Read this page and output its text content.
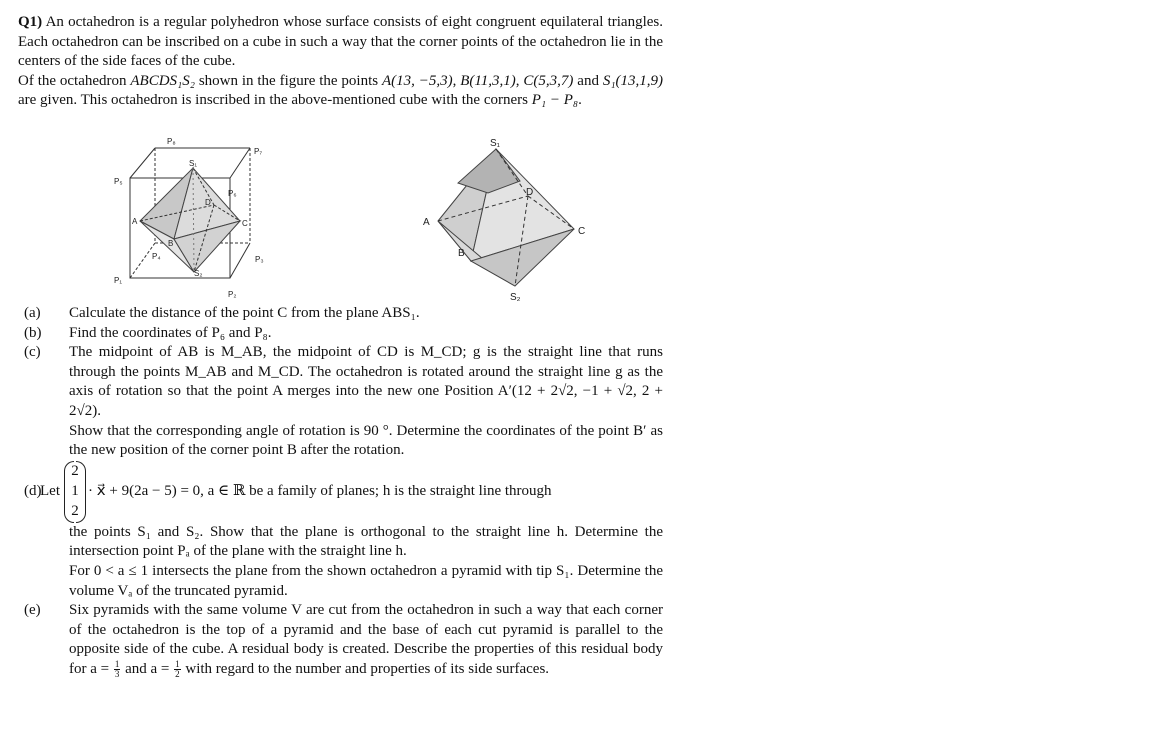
Q1) An octahedron is a regular polyhedron whose surface consists of eight congruent equilateral triangles. Each octahedron can be inscribed on a cube in such a way that the corner points of the octahedron lie in the centers of the side faces of the cube.

Of the octahedron ABCDS₁S₂ shown in the figure the points A(13, −5,3), B(11,3,1), C(5,3,7) and S₁(13,1,9) are given. This octahedron is inscribed in the above-mentioned cube with the corners P₁ − P₈.

P₈
P₇
P₅
P₆
S₁
A
D
C
B
P₄
S₂
P₃
P₁
P₂
S₁
D
A
C
B
S₂
(a) Calculate the distance of the point C from the plane ABS₁.

(b) Find the coordinates of P₆ and P₈.

(c) The midpoint of AB is M_AB, the midpoint of CD is M_CD; g is the straight line that runs through the points M_AB and M_CD. The octahedron is rotated around the straight line g as the axis of rotation so that the point A merges into the new one Position A′(12 + 2√2, −1 + √2, 2 + 2√2).

Show that the corresponding angle of rotation is 90 °. Determine the coordinates of the point B′ as the new position of the corner point B after the rotation.

(d)
Let
2
1
2
· x⃗ + 9(2a − 5) = 0, a ∈ ℝ be a family of planes; h is the straight line through

the points S₁ and S₂. Show that the plane is orthogonal to the straight line h. Determine the intersection point Pₐ of the plane with the straight line h.

For 0 < a ≤ 1 intersects the plane from the shown octahedron a pyramid with tip S₁. Determine the volume Vₐ of the truncated pyramid.

(e) Six pyramids with the same volume V are cut from the octahedron in such a way that each corner of the octahedron is the top of a pyramid and the base of each cut pyramid is parallel to the opposite side of the cube. A residual body is created. Describe the properties of this residual body for $a = \frac{1}{3}$ and $a = \frac{1}{2}$ with regard to the number and properties of its side surfaces.
